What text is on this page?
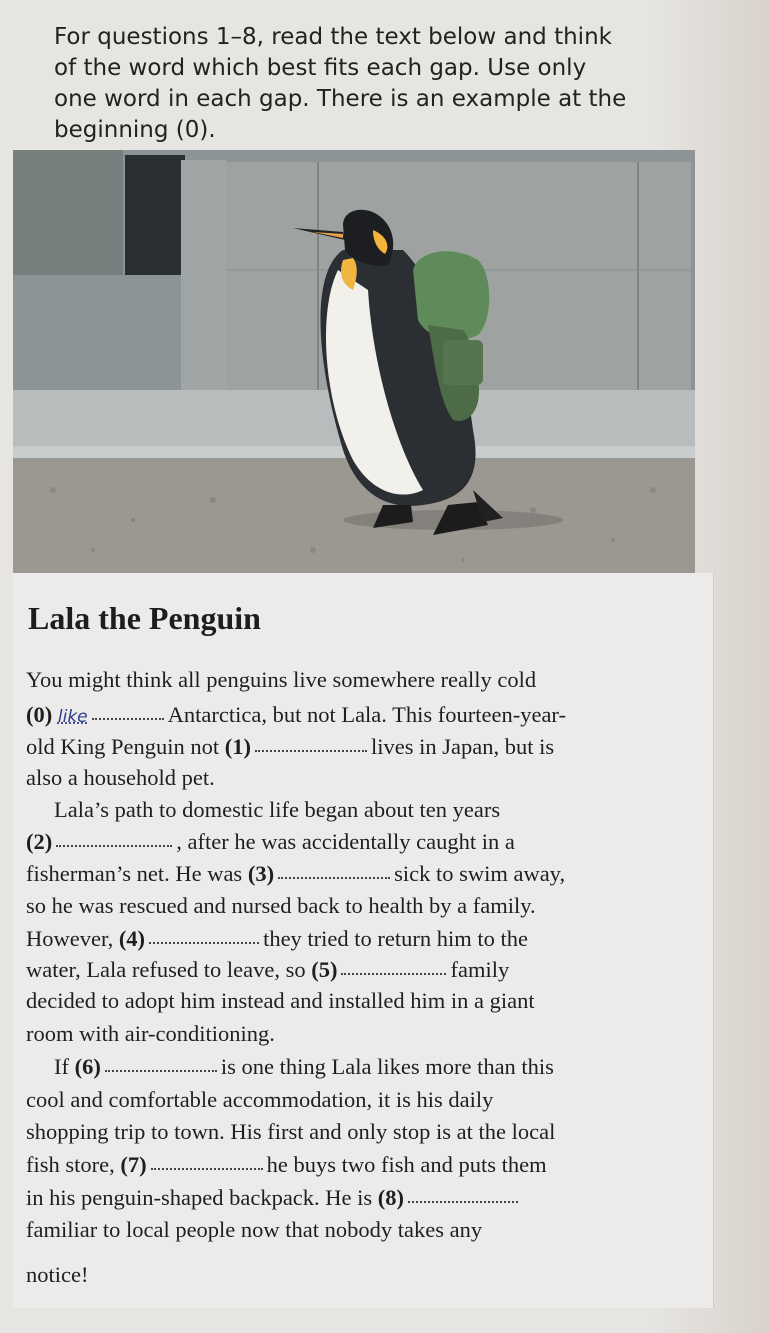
For questions 1–8, read the text below and think
of the word which best fits each gap. Use only
one word in each gap. There is an example at the
beginning (0).
Lala the Penguin
You might think all penguins live somewhere really cold
(0) like	Antarctica, but not Lala. This fourteen-year-
old King Penguin not (1)	lives in Japan, but is
also a household pet.
Lala’s path to domestic life began about ten years
(2)	, after he was accidentally caught in a
fisherman’s net. He was (3)	sick to swim away,
so he was rescued and nursed back to health by a family.
However, (4)	they tried to return him to the
water, Lala refused to leave, so (5)	family
decided to adopt him instead and installed him in a giant
room with air-conditioning.
If (6)	is one thing Lala likes more than this
cool and comfortable accommodation, it is his daily
shopping trip to town. His first and only stop is at the local
fish store, (7)	he buys two fish and puts them
in his penguin-shaped backpack. He is (8)
familiar to local people now that nobody takes any
notice!
